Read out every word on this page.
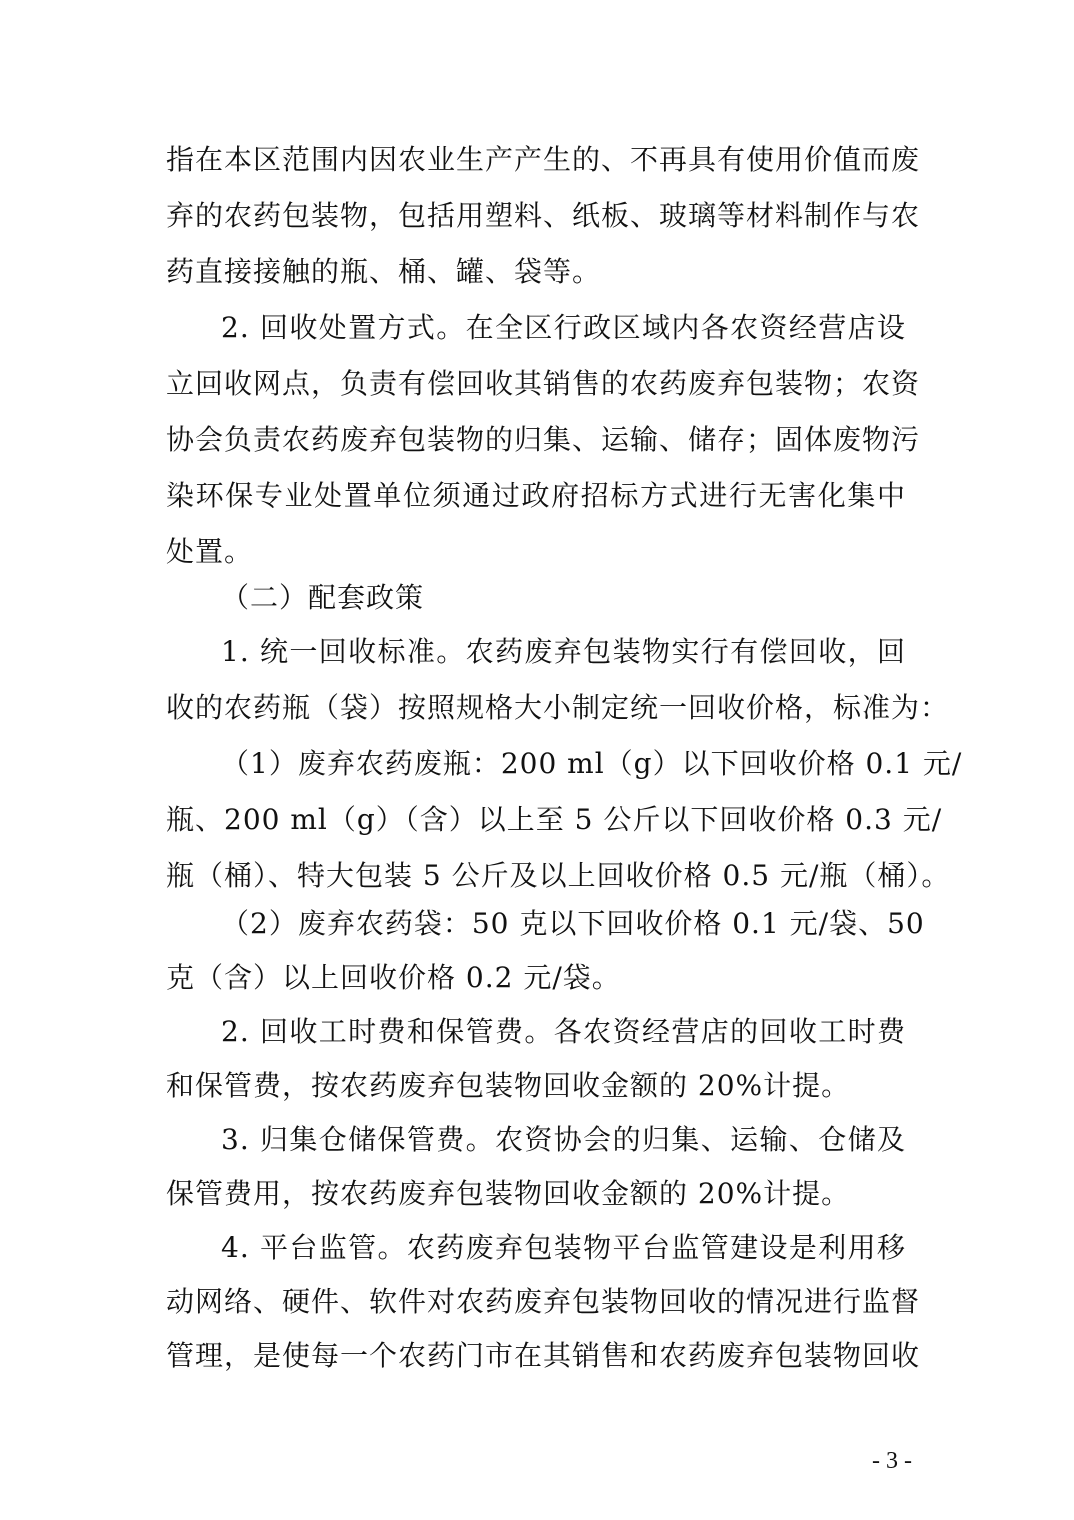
指在本区范围内因农业生产产生的、不再具有使用价值而废
弃的农药包装物，包括用塑料、纸板、玻璃等材料制作与农
药直接接触的瓶、桶、罐、袋等。
2. 回收处置方式。在全区行政区域内各农资经营店设
立回收网点，负责有偿回收其销售的农药废弃包装物；农资
协会负责农药废弃包装物的归集、运输、储存；固体废物污
染环保专业处置单位须通过政府招标方式进行无害化集中
处置。
（二）配套政策
1. 统一回收标准。农药废弃包装物实行有偿回收，回
收的农药瓶（袋）按照规格大小制定统一回收价格，标准为：
（1）废弃农药废瓶：200 ml（g）以下回收价格 0.1 元/
瓶、200 ml（g）（含）以上至 5 公斤以下回收价格 0.3 元/
瓶（桶）、特大包装 5 公斤及以上回收价格 0.5 元/瓶（桶）。
（2）废弃农药袋：50 克以下回收价格 0.1 元/袋、50
克（含）以上回收价格 0.2 元/袋。
2. 回收工时费和保管费。各农资经营店的回收工时费
和保管费，按农药废弃包装物回收金额的 20%计提。
3. 归集仓储保管费。农资协会的归集、运输、仓储及
保管费用，按农药废弃包装物回收金额的 20%计提。
4. 平台监管。农药废弃包装物平台监管建设是利用移
动网络、硬件、软件对农药废弃包装物回收的情况进行监督
管理，是使每一个农药门市在其销售和农药废弃包装物回收
- 3 -
